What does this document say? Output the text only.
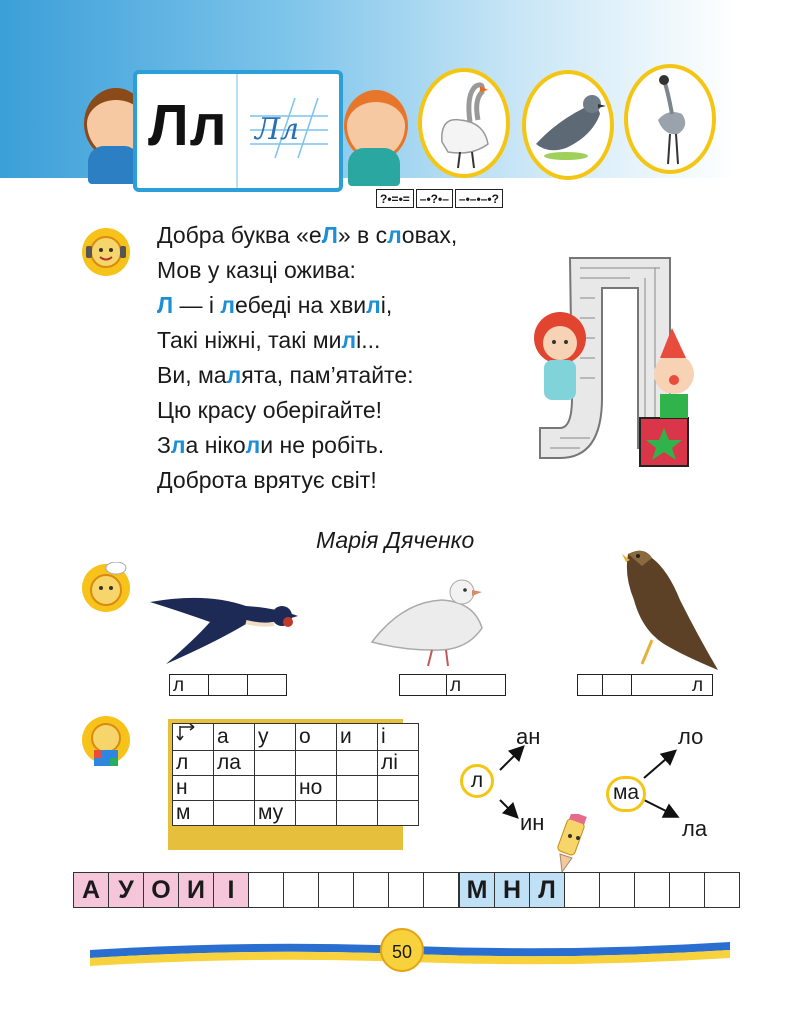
Лл Лл
? • = • = – • ? • – – • – • – • ?
Добра буква «еЛ» в словах,
Мов у казці ожива:
Л — і лебеді на хвилі,
Такі ніжні, такі милі...
Ви, малята, пам’ятайте:
Цю красу оберігайте!
Зла ніколи не робіть.
Доброта врятує світ!
Марія Дяченко
л	л	л
	а	у	о	и	і
л	ла				лі
н			но		
м		му			
л
ан
ин
ма
ло
ла
А У О И І	М Н Л
50
